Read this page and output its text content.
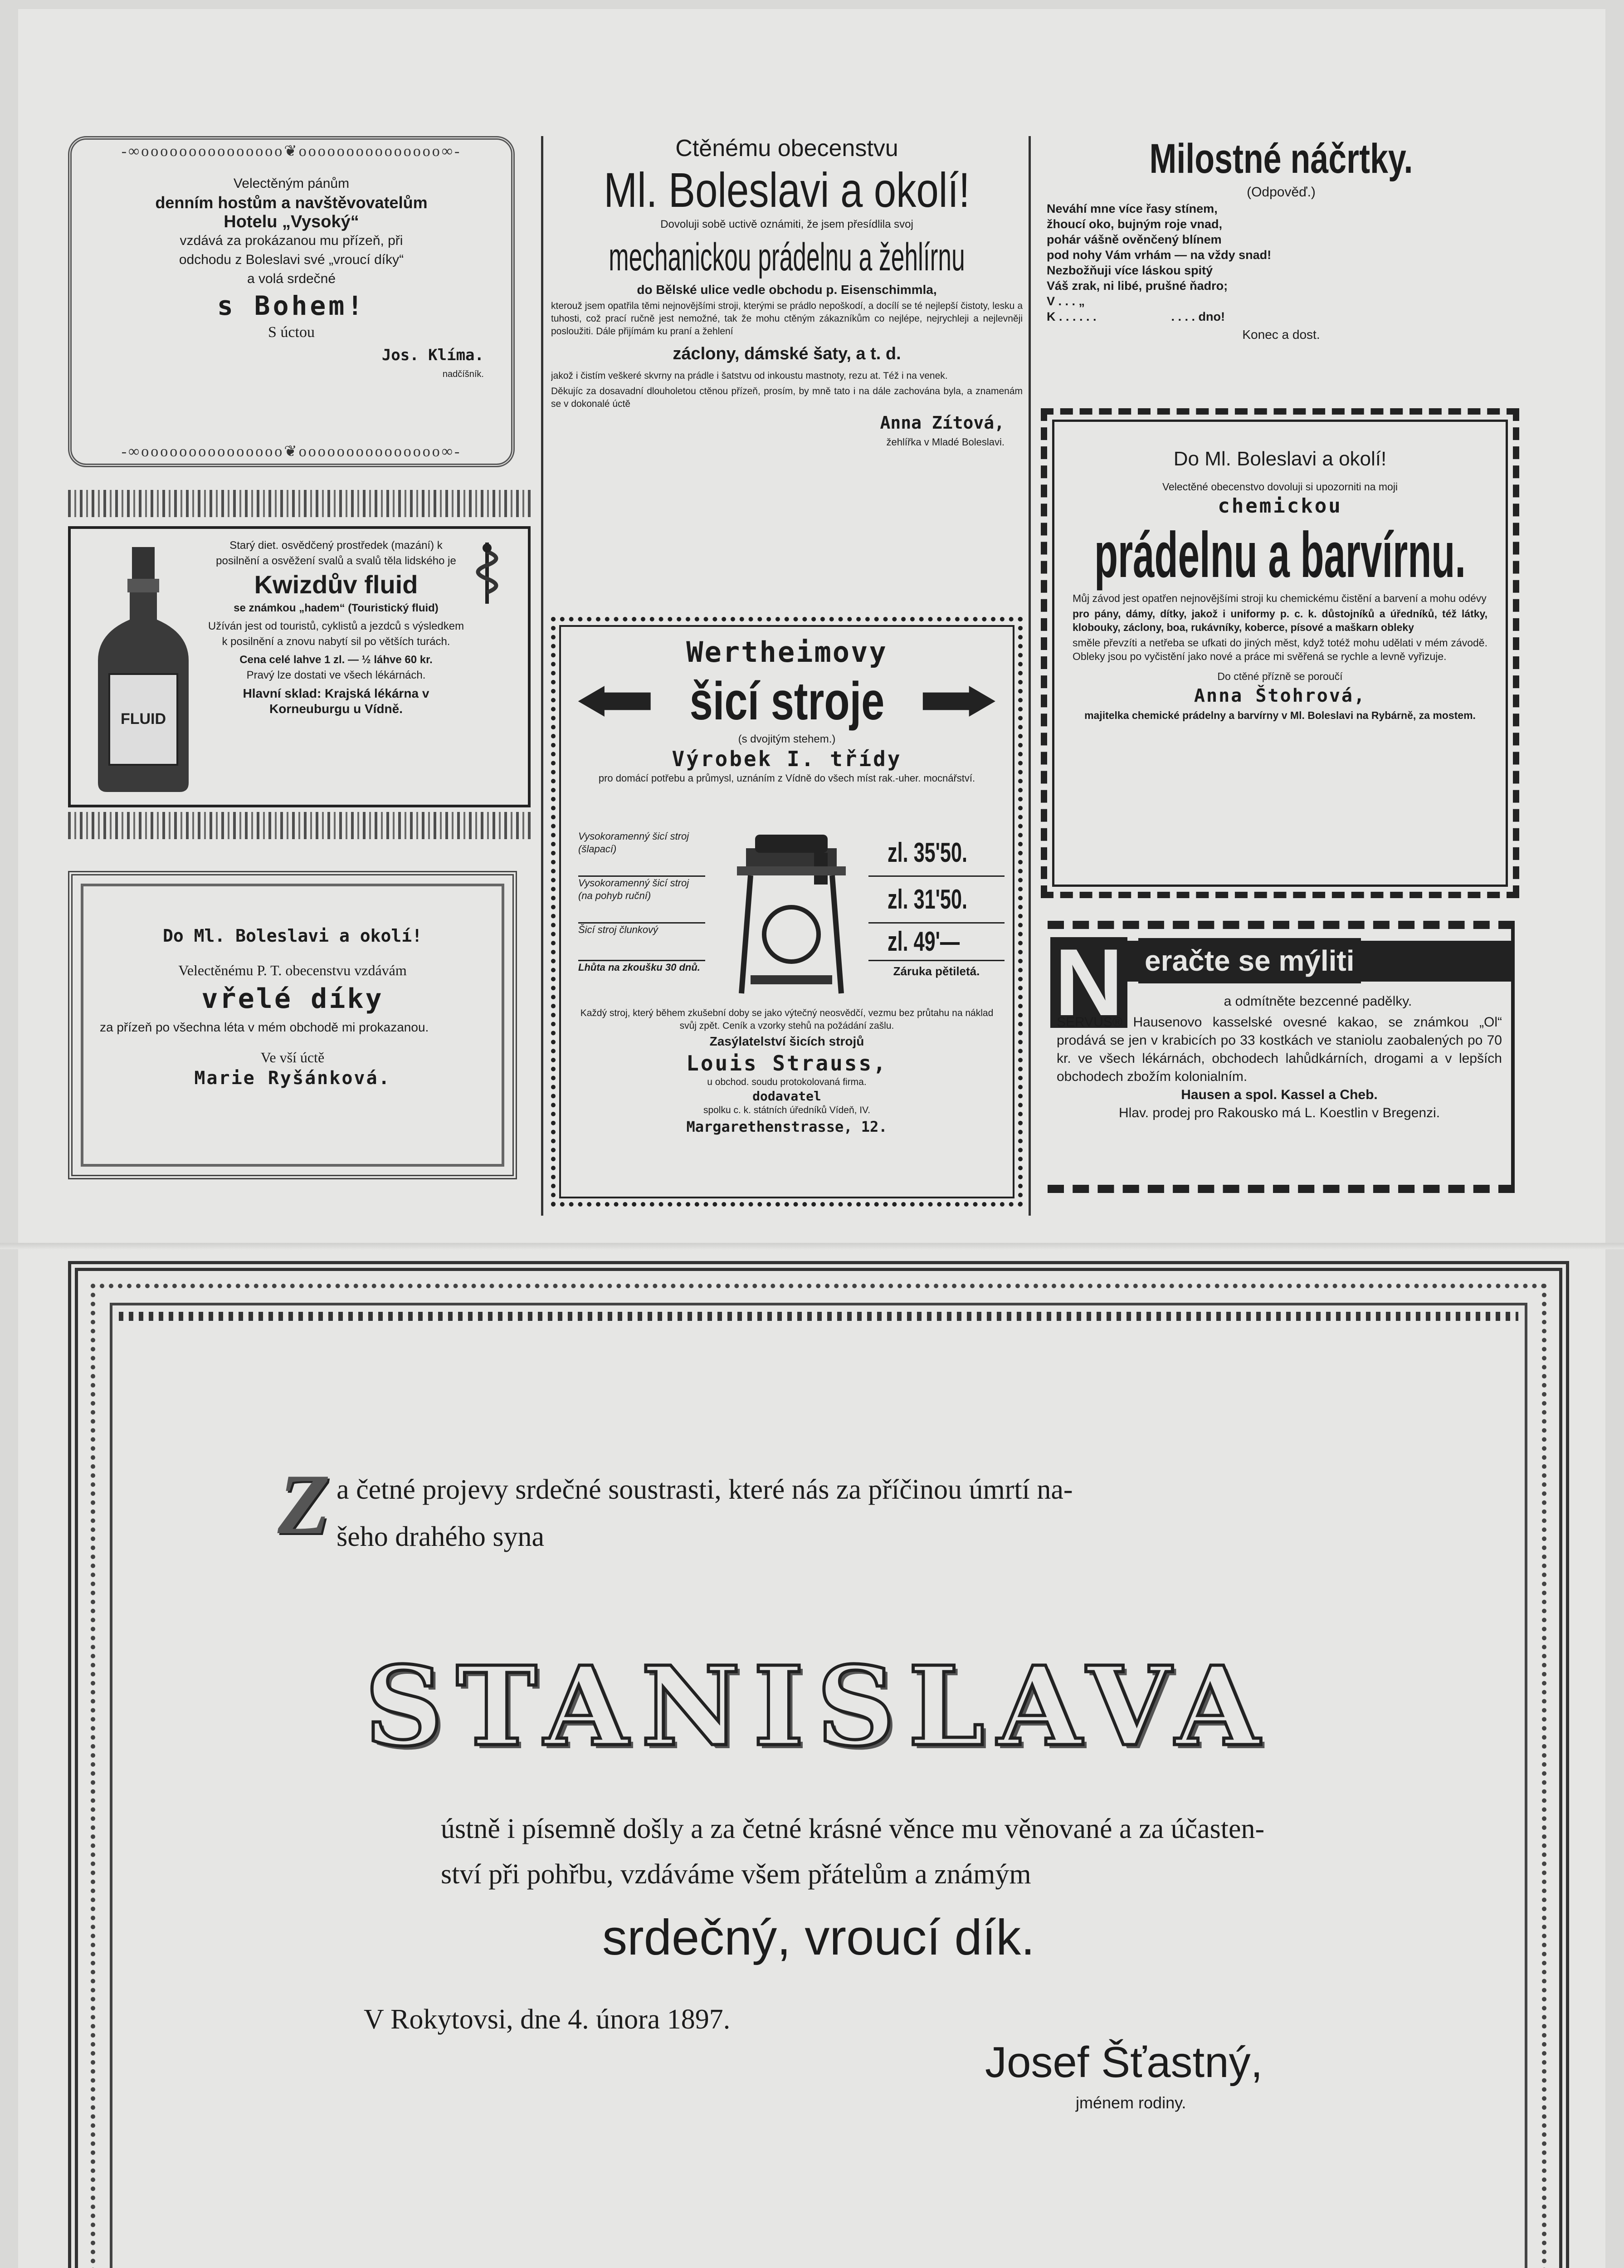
-∞ooooooooooooooo❦ooooooooooooooo∞-

Velectěným pánům

denním hostům a navštěvovatelům

Hotelu „Vysoký“

vzdává za prokázanou mu přízeň, při

odchodu z Boleslavi své „vroucí díky“

a volá srdečné

s Bohem!

S úctou

Jos. Klíma.

nadčíšník.

-∞ooooooooooooooo❦ooooooooooooooo∞-
FLUID

Starý diet. osvědčený prostředek (mazání) k posilnění a osvěžení svalů a svalů těla lidského je

Kwizdův fluid

se známkou „hadem“ (Touristický fluid)

Užíván jest od touristů, cyklistů a jezdců s výsledkem k posilnění a znovu nabytí sil po větších turách.

Cena celé lahve 1 zl. — ½ láhve 60 kr.

Pravý lze dostati ve všech lékárnách.

Hlavní sklad: Krajská lékárna v Korneuburgu u Vídně.

Do Ml. Boleslavi a okolí!

Velectěnému P. T. obecenstvu vzdávám

vřelé díky

za přízeň po všechna léta v mém obchodě mi prokazanou.

Ve vší úctě

Marie Ryšánková.

Ctěnému obecenstvu

Ml. Boleslavi a okolí!

Dovoluji sobě uctivě oznámiti, že jsem přesídlila svoj

mechanickou prádelnu a žehlírnu

do Bělské ulice vedle obchodu p. Eisenschimmla,

kterouž jsem opatřila těmi nejnovějšími stroji, kterými se prádlo nepoškodí, a docílí se té nejlepší čistoty, lesku a tuhosti, což prací ručně jest nemožné, tak že mohu ctěným zákazníkům co nejlépe, nejrychleji a nejlevněji posloužiti. Dále přijímám ku praní a žehlení

záclony, dámské šaty, a t. d.

jakož i čistím veškeré skvrny na prádle i šatstvu od inkoustu mastnoty, rezu at. Též i na venek.

Děkujíc za dosavadní dlouholetou ctěnou přízeň, prosím, by mně tato i na dále zachována byla, a znamenám se v dokonalé úctě

Anna Zítová,

žehlířka v Mladé Boleslavi.

Wertheimovy

šicí stroje

(s dvojitým stehem.)

Výrobek I. třídy

pro domácí potřebu a průmysl, uznáním z Vídně do všech míst rak.-uher. mocnářství.

Vysokoramenný šicí stroj (šlapací)
Vysokoramenný šicí stroj (na pohyb ruční)
Šicí stroj člunkový
Lhůta na zkoušku 30 dnů.
zl. 35'50.
zl. 31'50.
zl. 49'—
Záruka pětiletá.

Každý stroj, který během zkušební doby se jako výtečný neosvědčí, vezmu bez průtahu na náklad svůj zpět. Ceník a vzorky stehů na požádání zašlu.

Zasýlatelství šicích strojů

Louis Strauss,

u obchod. soudu protokolovaná firma.

dodavatel

spolku c. k. státních úředníků Vídeň, IV.

Margarethenstrasse, 12.

Milostné náčrtky.

(Odpověď.)

Neváhí mne více řasy stínem,

žhoucí oko, bujným roje vnad,

pohár vášně ověnčený blínem

pod nohy Vám vrhám — na vždy snad!

Nezbožňuji více láskou spitý

Váš zrak, ni libé, prušné ňadro;

V . . . „

K . . . . . .                      . . . . dno!

Konec a dost.

Do Ml. Boleslavi a okolí!

Velectěné obecenstvo dovoluji si upozorniti na moji

chemickou

prádelnu a barvírnu.

Můj závod jest opatřen nejnovějšími stroji ku chemickému čistění a barvení a mohu odévy

pro pány, dámy, dítky, jakož i uniformy p. c. k. důstojníků a úředníků, též látky, klobouky, záclony, boa, rukávníky, koberce, písové a maškarn obleky

směle převzíti a netřeba se ufkati do jiných měst, když totéž mohu udělati v mém závodě. Obleky jsou po vyčistění jako nové a práce mi svěřená se rychle a levně vyřizuje.

Do ctěné přízně se poroučí

Anna Štohrová,

majitelka chemické prádelny a barvírny v Ml. Boleslavi na Rybárně, za mostem.

N eračte se mýliti

a odmítněte bezcenné padělky.

SERVUS® Hausenovo kasselské ovesné kakao, se známkou „Ol“ prodává se jen v krabicích po 33 kostkách ve staniolu zaobalených po 70 kr. ve všech lékárnách, obchodech lahůdkárních, drogami a v lepších obchodech zbožím kolonialním.

Hausen a spol. Kassel a Cheb.

Hlav. prodej pro Rakousko má L. Koestlin v Bregenzi.

Z a četné projevy srdečné soustrasti, které nás za příčinou úmrtí na-

šeho drahého syna

STANISLAVA

ústně i písemně došly a za četné krásné věnce mu věnované a za účasten-

ství při pohřbu, vzdáváme všem přátelům a známým

srdečný, vroucí dík.

V Rokytovsi, dne 4. února 1897.

Josef Šťastný,

jménem rodiny.
